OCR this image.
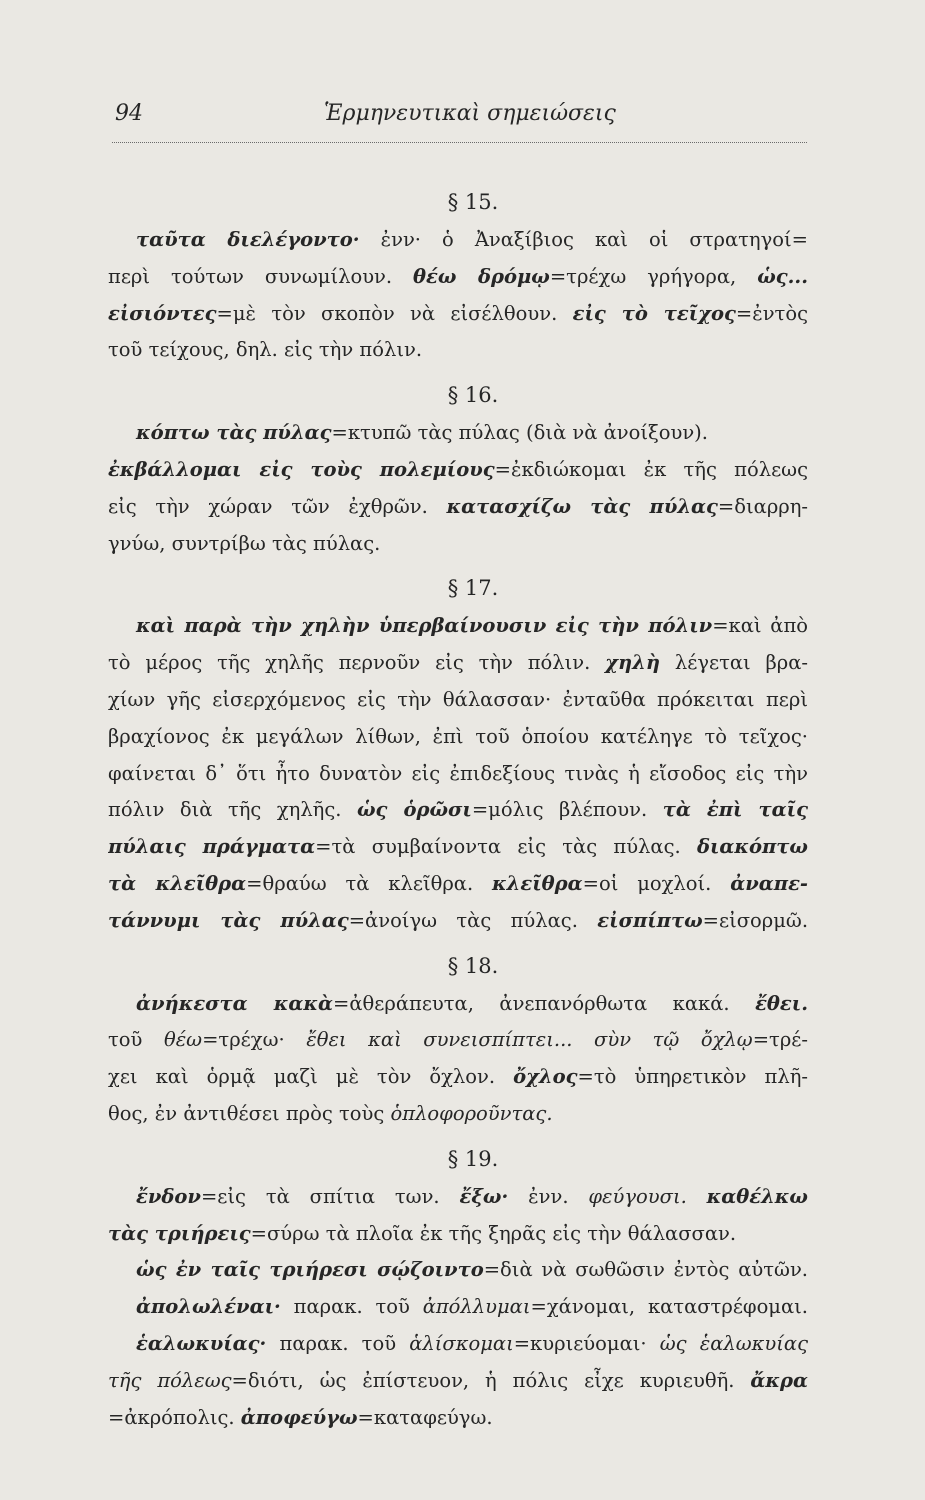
94	Ἑρμηνευτικαὶ σημειώσεις
§ 15.
ταῦτα διελέγοντο· ἐνν· ὁ Ἀναξίβιος καὶ οἱ στρατηγοί=
περὶ τούτων συνωμίλουν. θέω δρόμῳ=τρέχω γρήγορα, ὡς...
εἰσιόντες=μὲ τὸν σκοπὸν νὰ εἰσέλθουν. εἰς τὸ τεῖχος=ἐντὸς
τοῦ τείχους, δηλ. εἰς τὴν πόλιν.
§ 16.
κόπτω τὰς πύλας=κτυπῶ τὰς πύλας (διὰ νὰ ἀνοίξουν).
ἐκβάλλομαι εἰς τοὺς πολεμίους=ἐκδιώκομαι ἐκ τῆς πόλεως
εἰς τὴν χώραν τῶν ἐχθρῶν. κατασχίζω τὰς πύλας=διαρρη-
γνύω, συντρίβω τὰς πύλας.
§ 17.
καὶ παρὰ τὴν χηλὴν ὑπερβαίνουσιν εἰς τὴν πόλιν=καὶ ἀπὸ
τὸ μέρος τῆς χηλῆς περνοῦν εἰς τὴν πόλιν. χηλὴ λέγεται βρα-
χίων γῆς εἰσερχόμενος εἰς τὴν θάλασσαν· ἐνταῦθα πρόκειται περὶ
βραχίονος ἐκ μεγάλων λίθων, ἐπὶ τοῦ ὁποίου κατέληγε τὸ τεῖχος·
φαίνεται δ᾽ ὅτι ἦτο δυνατὸν εἰς ἐπιδεξίους τινὰς ἡ εἴσοδος εἰς τὴν
πόλιν διὰ τῆς χηλῆς. ὡς ὁρῶσι=μόλις βλέπουν. τὰ ἐπὶ ταῖς
πύλαις πράγματα=τὰ συμβαίνοντα εἰς τὰς πύλας. διακόπτω
τὰ κλεῖθρα=θραύω τὰ κλεῖθρα. κλεῖθρα=οἱ μοχλοί. ἀναπε-
τάννυμι τὰς πύλας=ἀνοίγω τὰς πύλας. εἰσπίπτω=εἰσορμῶ.
§ 18.
ἀνήκεστα κακὰ=ἀθεράπευτα, ἀνεπανόρθωτα κακά. ἔθει.
τοῦ θέω=τρέχω· ἔθει καὶ συνεισπίπτει... σὺν τῷ ὄχλῳ=τρέ-
χει καὶ ὁρμᾷ μαζὶ μὲ τὸν ὄχλον. ὄχλος=τὸ ὑπηρετικὸν πλῆ-
θος, ἐν ἀντιθέσει πρὸς τοὺς ὁπλοφοροῦντας.
§ 19.
ἔνδον=εἰς τὰ σπίτια των. ἔξω· ἐνν. φεύγουσι. καθέλκω
τὰς τριήρεις=σύρω τὰ πλοῖα ἐκ τῆς ξηρᾶς εἰς τὴν θάλασσαν.
ὡς ἐν ταῖς τριήρεσι σῴζοιντο=διὰ νὰ σωθῶσιν ἐντὸς αὐτῶν.
ἀπολωλέναι· παρακ. τοῦ ἀπόλλυμαι=χάνομαι, καταστρέφομαι.
ἑαλωκυίας· παρακ. τοῦ ἁλίσκομαι=κυριεύομαι· ὡς ἑαλωκυίας
τῆς πόλεως=διότι, ὡς ἐπίστευον, ἡ πόλις εἶχε κυριευθῆ. ἄκρα
=ἀκρόπολις. ἀποφεύγω=καταφεύγω.
